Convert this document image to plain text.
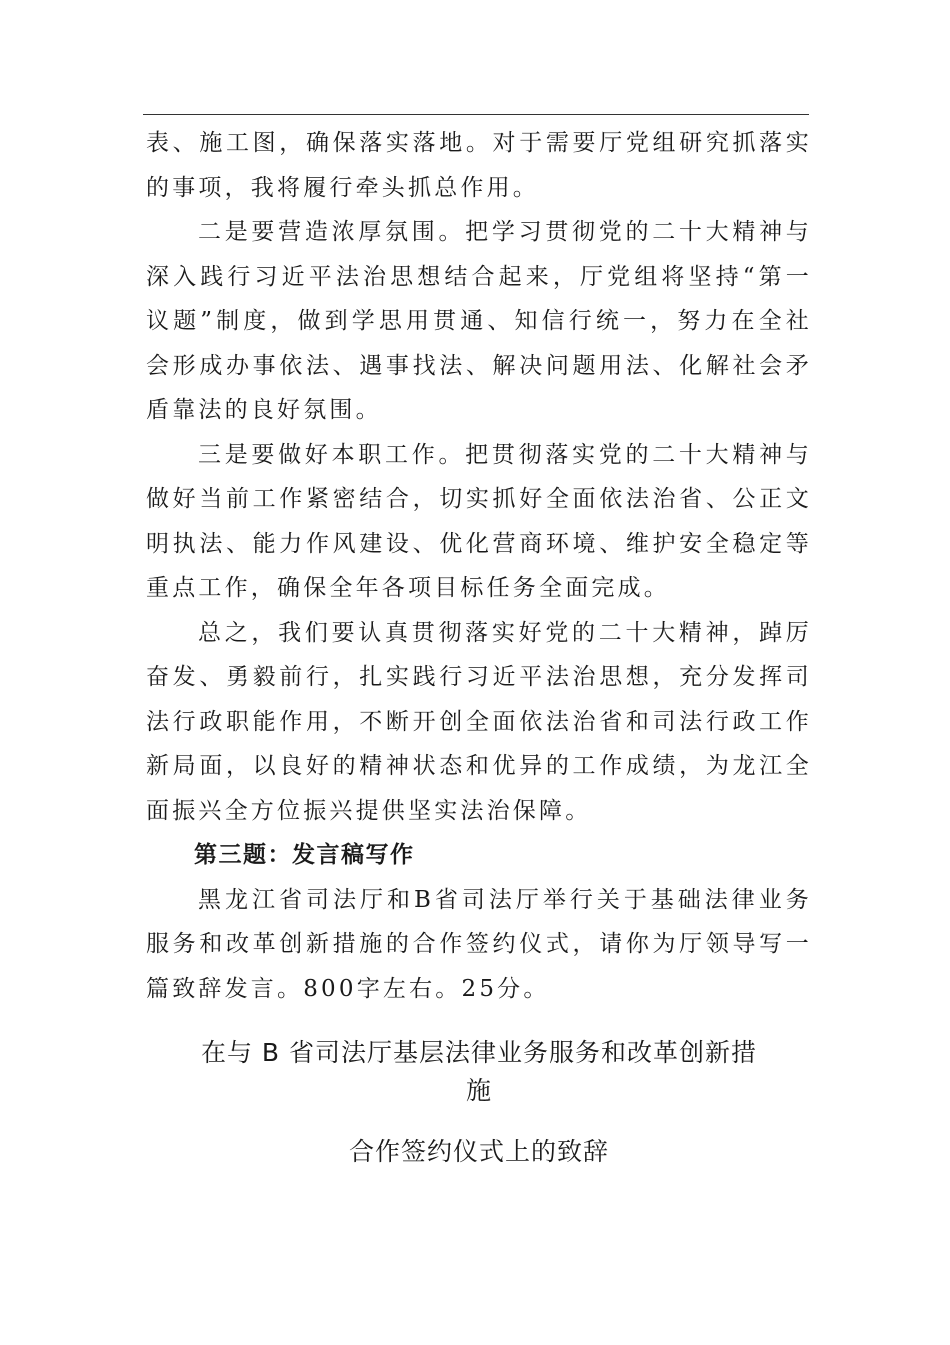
表、施工图，确保落实落地。对于需要厅党组研究抓落实的事项，我将履行牵头抓总作用。

二是要营造浓厚氛围。把学习贯彻党的二十大精神与深入践行习近平法治思想结合起来，厅党组将坚持“第一议题”制度，做到学思用贯通、知信行统一，努力在全社会形成办事依法、遇事找法、解决问题用法、化解社会矛盾靠法的良好氛围。

三是要做好本职工作。把贯彻落实党的二十大精神与做好当前工作紧密结合，切实抓好全面依法治省、公正文明执法、能力作风建设、优化营商环境、维护安全稳定等重点工作，确保全年各项目标任务全面完成。

总之，我们要认真贯彻落实好党的二十大精神，踔厉奋发、勇毅前行，扎实践行习近平法治思想，充分发挥司法行政职能作用，不断开创全面依法治省和司法行政工作新局面，以良好的精神状态和优异的工作成绩，为龙江全面振兴全方位振兴提供坚实法治保障。

第三题：发言稿写作

黑龙江省司法厅和B省司法厅举行关于基础法律业务服务和改革创新措施的合作签约仪式，请你为厅领导写一篇致辞发言。800字左右。25分。

在与 B 省司法厅基层法律业务服务和改革创新措
施
合作签约仪式上的致辞
